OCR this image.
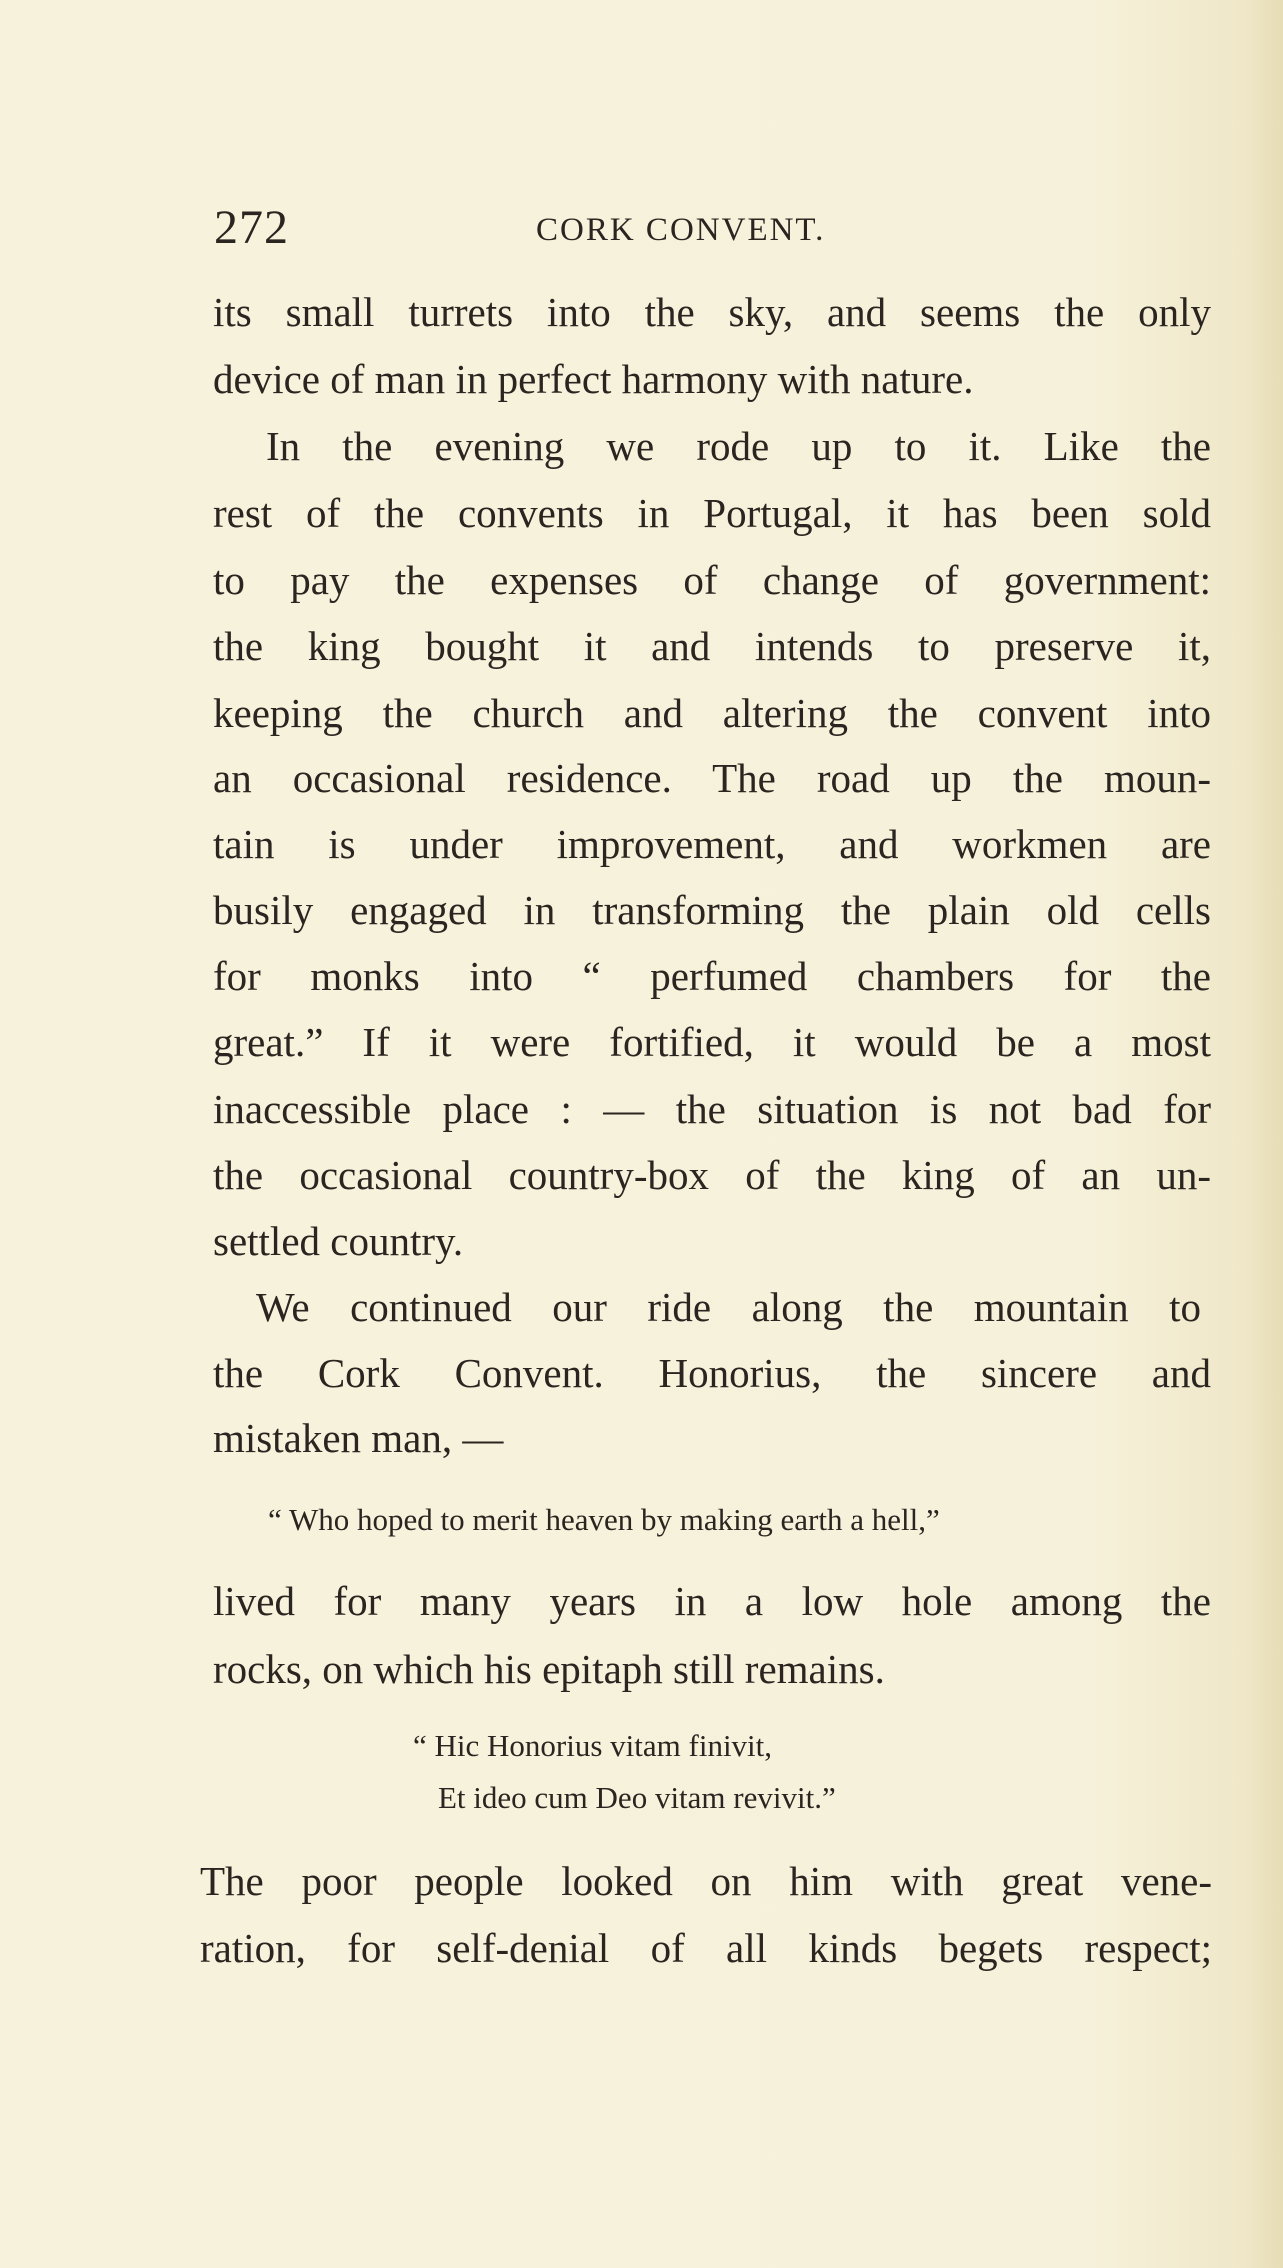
272	CORK CONVENT.
its small turrets into the sky, and seems the only
device of man in perfect harmony with nature.
In the evening we rode up to it. Like the
rest of the convents in Portugal, it has been sold
to pay the expenses of change of government:
the king bought it and intends to preserve it,
keeping the church and altering the convent into
an occasional residence. The road up the moun-
tain is under improvement, and workmen are
busily engaged in transforming the plain old cells
for monks into “ perfumed chambers for the
great.” If it were fortified, it would be a most
inaccessible place : — the situation is not bad for
the occasional country-box of the king of an un-
settled country.
We continued our ride along the mountain to
the Cork Convent. Honorius, the sincere and
mistaken man, —
“ Who hoped to merit heaven by making earth a hell,”
lived for many years in a low hole among the
rocks, on which his epitaph still remains.
“ Hic Honorius vitam finivit,
Et ideo cum Deo vitam revivit.”
The poor people looked on him with great vene-
ration, for self-denial of all kinds begets respect;
